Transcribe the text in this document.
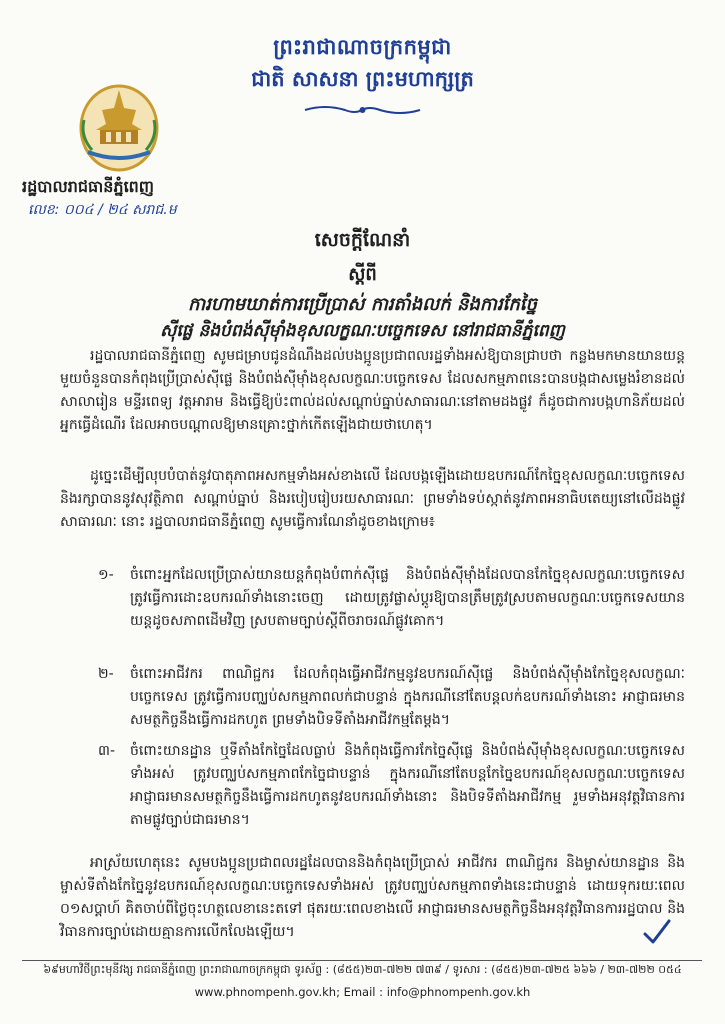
ព្រះរាជាណាចក្រកម្ពុជា
ជាតិ សាសនា ព្រះមហាក្សត្រ
រដ្ឋបាលរាជធានីភ្នំពេញ
លេខ: ០០៤ / ២៤ សរាជ.ម
សេចក្តីណែនាំ
ស្តីពី
ការហាមឃាត់ការប្រើប្រាស់ ការតាំងលក់ និងការកែច្នៃ
ស៊ីផ្លេ និងបំពង់ស៊ីម៉ាំងខុសលក្ខណៈបច្ចេកទេស នៅរាជធានីភ្នំពេញ
រដ្ឋបាលរាជធានីភ្នំពេញ សូមជម្រាបជូនដំណឹងដល់បងប្អូនប្រជាពលរដ្ឋទាំងអស់ឱ្យបានជ្រាបថា កន្លងមកមានយានយន្តមួយចំនួនបានកំពុងប្រើប្រាស់ស៊ីផ្លេ និងបំពង់ស៊ីម៉ាំងខុសលក្ខណៈបច្ចេកទេស ដែលសកម្មភាពនេះបានបង្កជាសម្លេងរំខានដល់សាលារៀន មន្ទីរពេទ្យ វត្តអារាម និងធ្វើឱ្យប៉ះពាល់ដល់សណ្តាប់ធ្នាប់សាធារណៈនៅតាមដងផ្លូវ ក៏ដូចជាការបង្កហានិភ័យដល់អ្នកធ្វើដំណើរ ដែលអាចបណ្តាលឱ្យមានគ្រោះថ្នាក់កើតឡើងជាយថាហេតុ។
ដូច្នេះដើម្បីលុបបំបាត់នូវបាតុភាពអសកម្មទាំងអស់ខាងលើ ដែលបង្កឡើងដោយឧបករណ៍កែច្នៃខុសលក្ខណៈបច្ចេកទេស និងរក្សាបាននូវសុវត្ថិភាព សណ្តាប់ធ្នាប់ និងរបៀបរៀបរយសាធារណៈ ព្រមទាំងទប់ស្កាត់នូវភាពអនាធិបតេយ្យនៅលើដងផ្លូវសាធារណៈ នោះ រដ្ឋបាលរាជធានីភ្នំពេញ សូមធ្វើការណែនាំដូចខាងក្រោម៖
១- ចំពោះអ្នកដែលប្រើប្រាស់យានយន្តកំពុងបំពាក់ស៊ីផ្លេ និងបំពង់ស៊ីម៉ាំងដែលបានកែច្នៃខុសលក្ខណៈបច្ចេកទេស ត្រូវធ្វើការដោះឧបករណ៍ទាំងនោះចេញ ដោយត្រូវផ្លាស់ប្តូរឱ្យបានត្រឹមត្រូវស្របតាមលក្ខណៈបច្ចេកទេសយានយន្តដូចសភាពដើមវិញ ស្របតាមច្បាប់ស្តីពីចរាចរណ៍ផ្លូវគោក។
២- ចំពោះអាជីវករ ពាណិជ្ជករ ដែលកំពុងធ្វើអាជីវកម្មនូវឧបករណ៍ស៊ីផ្លេ និងបំពង់ស៊ីម៉ាំងកែច្នៃខុសលក្ខណៈបច្ចេកទេស ត្រូវធ្វើការបញ្ឈប់សកម្មភាពលក់ជាបន្ទាន់ ក្នុងករណីនៅតែបន្តលក់ឧបករណ៍ទាំងនោះ អាជ្ញាធរមានសមត្ថកិច្ចនឹងធ្វើការដកហូត ព្រមទាំងបិទទីតាំងអាជីវកម្មតែម្តង។
៣- ចំពោះយានដ្ឋាន ឬទីតាំងកែច្នៃដែលធ្លាប់ និងកំពុងធ្វើការកែច្នៃស៊ីផ្លេ និងបំពង់ស៊ីម៉ាំងខុសលក្ខណៈបច្ចេកទេសទាំងអស់ ត្រូវបញ្ឈប់សកម្មភាពកែច្នៃជាបន្ទាន់ ក្នុងករណីនៅតែបន្តកែច្នៃឧបករណ៍ខុសលក្ខណៈបច្ចេកទេស អាជ្ញាធរមានសមត្ថកិច្ចនឹងធ្វើការដកហូតនូវឧបករណ៍ទាំងនោះ និងបិទទីតាំងអាជីវកម្ម រួមទាំងអនុវត្តវិធានការតាមផ្លូវច្បាប់ជាធរមាន។
អាស្រ័យហេតុនេះ សូមបងប្អូនប្រជាពលរដ្ឋដែលបាននិងកំពុងប្រើប្រាស់ អាជីវករ ពាណិជ្ជករ និងម្ចាស់យានដ្ឋាន និងម្ចាស់ទីតាំងកែច្នៃនូវឧបករណ៍ខុសលក្ខណៈបច្ចេកទេសទាំងអស់ ត្រូវបញ្ឈប់សកម្មភាពទាំងនេះជាបន្ទាន់ ដោយទុករយៈពេល ០១សប្តាហ៍ គិតចាប់ពីថ្ងៃចុះហត្ថលេខានេះតទៅ ផុតរយៈពេលខាងលើ អាជ្ញាធរមានសមត្ថកិច្ចនឹងអនុវត្តវិធានការរដ្ឋបាល និងវិធានការច្បាប់ដោយគ្មានការលើកលែងឡើយ។
៦៩មហាវិថីព្រះមុនីវង្ស រាជធានីភ្នំពេញ ព្រះរាជាណាចក្រកម្ពុជា ទូរស័ព្ទ : (៨៥៥)២៣-៧២២ ៧៣៩ / ទូរសារ : (៨៥៥)២៣-៧២៥ ៦៦៦ / ២៣-៧២២ ០៥៤
www.phnompenh.gov.kh; Email : info@phnompenh.gov.kh
